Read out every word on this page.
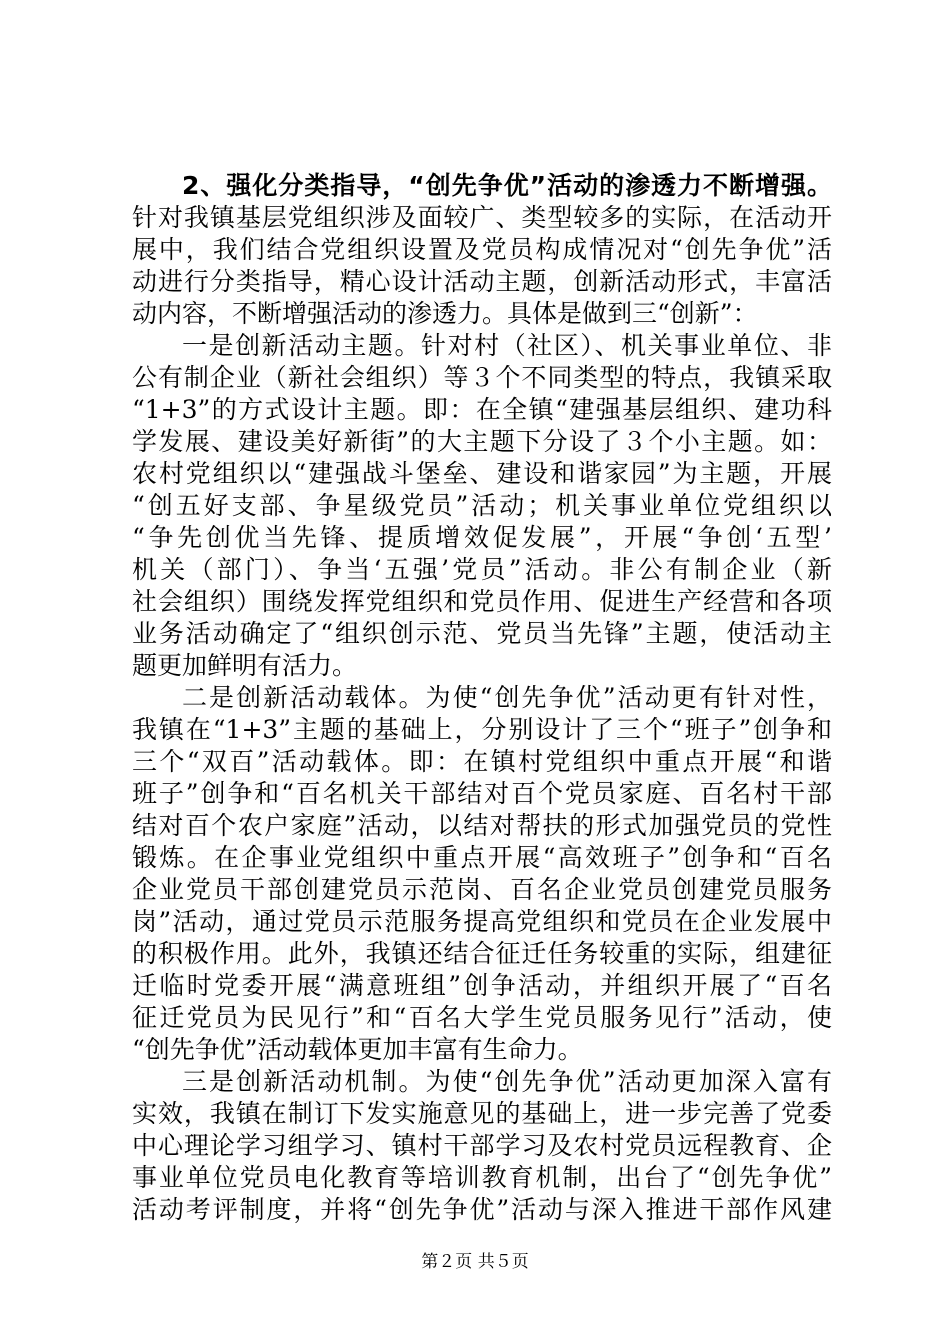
2、强化分类指导，“创先争优”活动的渗透力不断增强。
针对我镇基层党组织涉及面较广、类型较多的实际，在活动开
展中，我们结合党组织设置及党员构成情况对“创先争优”活
动进行分类指导，精心设计活动主题，创新活动形式，丰富活
动内容，不断增强活动的渗透力。具体是做到三“创新”：
一是创新活动主题。针对村（社区）、机关事业单位、非
公有制企业（新社会组织）等３个不同类型的特点，我镇采取
“1+3”的方式设计主题。即：在全镇“建强基层组织、建功科
学发展、建设美好新街”的大主题下分设了３个小主题。如：
农村党组织以“建强战斗堡垒、建设和谐家园”为主题，开展
“创五好支部、争星级党员”活动；机关事业单位党组织以
“争先创优当先锋、提质增效促发展”，开展“争创‘五型’
机关（部门）、争当‘五强’党员”活动。非公有制企业（新
社会组织）围绕发挥党组织和党员作用、促进生产经营和各项
业务活动确定了“组织创示范、党员当先锋”主题，使活动主
题更加鲜明有活力。
二是创新活动载体。为使“创先争优”活动更有针对性，
我镇在“1+3”主题的基础上，分别设计了三个“班子”创争和
三个“双百”活动载体。即：在镇村党组织中重点开展“和谐
班子”创争和“百名机关干部结对百个党员家庭、百名村干部
结对百个农户家庭”活动，以结对帮扶的形式加强党员的党性
锻炼。在企事业党组织中重点开展“高效班子”创争和“百名
企业党员干部创建党员示范岗、百名企业党员创建党员服务
岗”活动，通过党员示范服务提高党组织和党员在企业发展中
的积极作用。此外，我镇还结合征迁任务较重的实际，组建征
迁临时党委开展“满意班组”创争活动，并组织开展了“百名
征迁党员为民见行”和“百名大学生党员服务见行”活动，使
“创先争优”活动载体更加丰富有生命力。
三是创新活动机制。为使“创先争优”活动更加深入富有
实效，我镇在制订下发实施意见的基础上，进一步完善了党委
中心理论学习组学习、镇村干部学习及农村党员远程教育、企
事业单位党员电化教育等培训教育机制，出台了“创先争优”
活动考评制度，并将“创先争优”活动与深入推进干部作风建
第２页 共５页
